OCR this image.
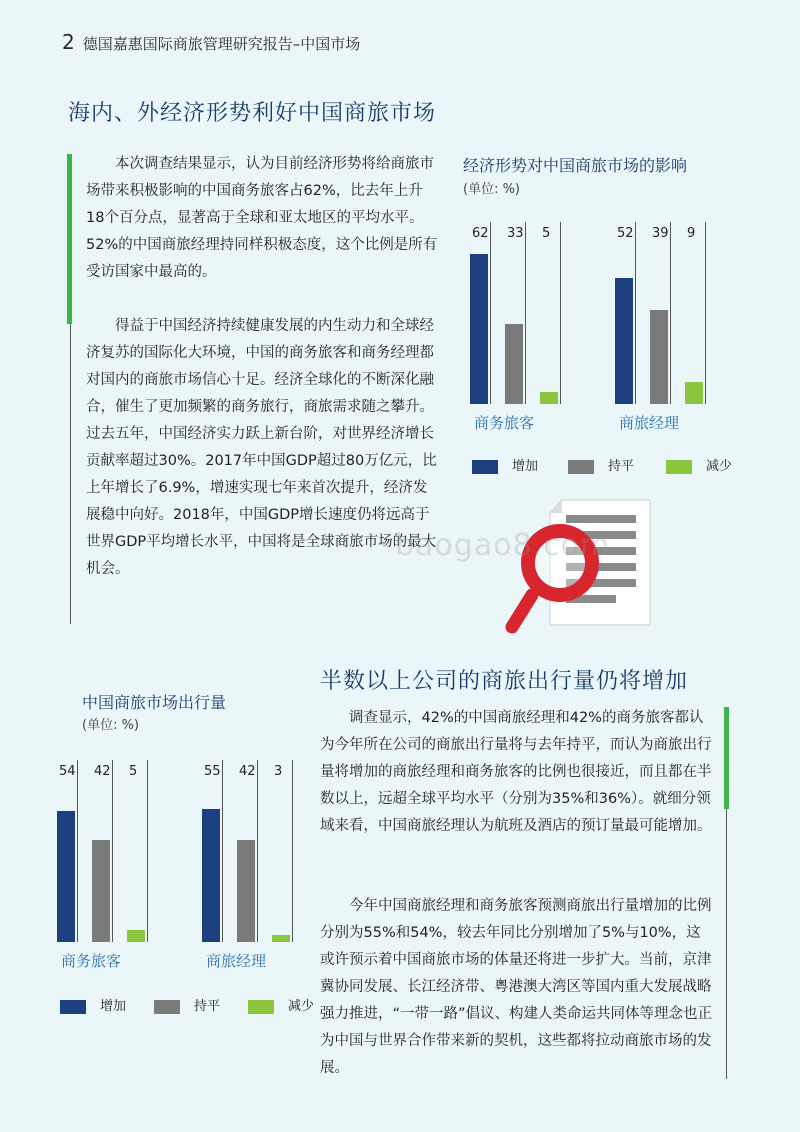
2 德国嘉惠国际商旅管理研究报告–中国市场
海内、外经济形势利好中国商旅市场

本次调查结果显示，认为目前经济形势将给商旅市场带来积极影响的中国商务旅客占62%，比去年上升18个百分点，显著高于全球和亚太地区的平均水平。52%的中国商旅经理持同样积极态度，这个比例是所有受访国家中最高的。

得益于中国经济持续健康发展的内生动力和全球经济复苏的国际化大环境，中国的商务旅客和商务经理都对国内的商旅市场信心十足。经济全球化的不断深化融合，催生了更加频繁的商务旅行，商旅需求随之攀升。过去五年，中国经济实力跃上新台阶，对世界经济增长贡献率超过30%。2017年中国GDP超过80万亿元，比上年增长了6.9%，增速实现七年来首次提升，经济发展稳中向好。2018年，中国GDP增长速度仍将远高于世界GDP平均增长水平，中国将是全球商旅市场的最大机会。

经济形势对中国商旅市场的影响
(单位: %)
62 33 5
商务旅客
52 39 9
商旅经理
增加	持平	减少
baogao8.com
中国商旅市场出行量
(单位: %)
54 42 5
商务旅客
55 42 3
商旅经理
增加	持平	减少
半数以上公司的商旅出行量仍将增加

调查显示，42%的中国商旅经理和42%的商务旅客都认为今年所在公司的商旅出行量将与去年持平，而认为商旅出行量将增加的商旅经理和商务旅客的比例也很接近，而且都在半数以上，远超全球平均水平（分别为35%和36%）。就细分领域来看，中国商旅经理认为航班及酒店的预订量最可能增加。

今年中国商旅经理和商务旅客预测商旅出行量增加的比例分别为55%和54%，较去年同比分别增加了5%与10%，这或许预示着中国商旅市场的体量还将进一步扩大。当前，京津冀协同发展、长江经济带、粤港澳大湾区等国内重大发展战略强力推进，“一带一路”倡议、构建人类命运共同体等理念也正为中国与世界合作带来新的契机，这些都将拉动商旅市场的发展。
